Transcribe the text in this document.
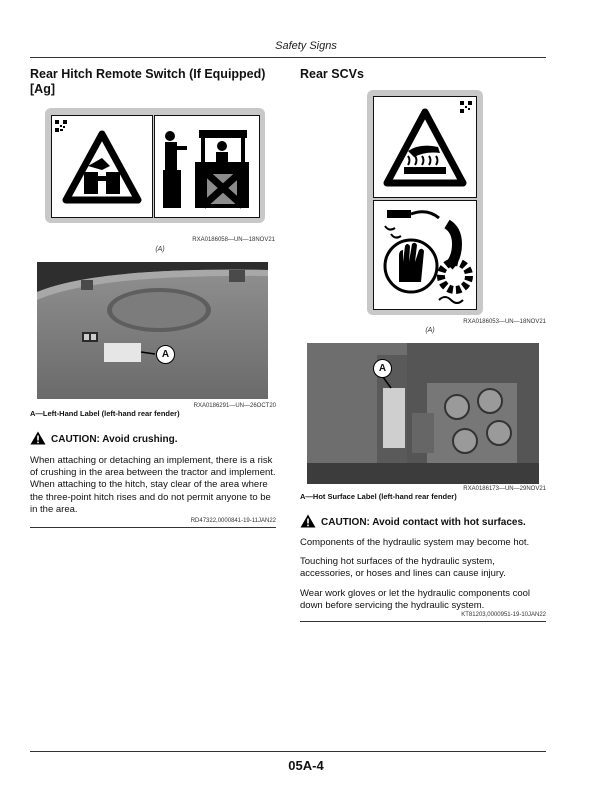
Safety Signs
Rear Hitch Remote Switch (If Equipped) [Ag]
RXA0186058—UN—18NOV21
(A)
A
RXA0186291—UN—26OCT20
A—Left-Hand Label (left-hand rear fender)
CAUTION: Avoid crushing.

When attaching or detaching an implement, there is a risk of crushing in the area between the tractor and implement. When attaching to the hitch, stay clear of the area where the three-point hitch rises and do not permit anyone to be in the area.

RD47322,0000841-19-11JAN22
Rear SCVs
RXA0186053—UN—18NOV21
(A)
A
RXA0186173—UN—29NOV21
A—Hot Surface Label (left-hand rear fender)
CAUTION: Avoid contact with hot surfaces.

Components of the hydraulic system may become hot.

Touching hot surfaces of the hydraulic system, accessories, or hoses and lines can cause injury.

Wear work gloves or let the hydraulic components cool down before servicing the hydraulic system.

KT81203,0000951-19-10JAN22
05A-4
